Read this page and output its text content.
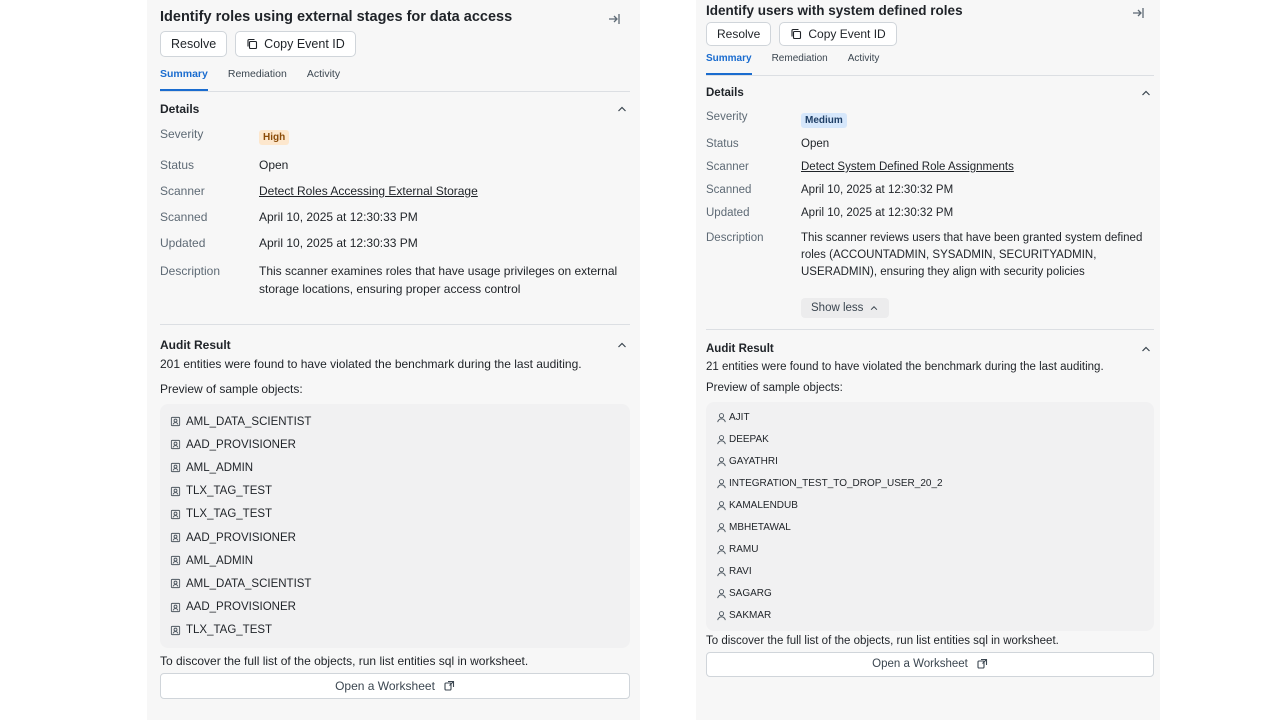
Identify roles using external stages for data access
Resolve	Copy Event ID
Summary Remediation Activity
Details
Severity	High
Status	Open
Scanner	Detect Roles Accessing External Storage
Scanned	April 10, 2025 at 12:30:33 PM
Updated	April 10, 2025 at 12:30:33 PM
Description	This scanner examines roles that have usage privileges on external storage locations, ensuring proper access control
Audit Result
201 entities were found to have violated the benchmark during the last auditing.
Preview of sample objects:
AML_DATA_SCIENTIST
AAD_PROVISIONER
AML_ADMIN
TLX_TAG_TEST
TLX_TAG_TEST
AAD_PROVISIONER
AML_ADMIN
AML_DATA_SCIENTIST
AAD_PROVISIONER
TLX_TAG_TEST
To discover the full list of the objects, run list entities sql in worksheet.
Open a Worksheet
Identify users with system defined roles
Resolve	Copy Event ID
Summary Remediation Activity
Details
Severity	Medium
Status	Open
Scanner	Detect System Defined Role Assignments
Scanned	April 10, 2025 at 12:30:32 PM
Updated	April 10, 2025 at 12:30:32 PM
Description	This scanner reviews users that have been granted system defined roles (ACCOUNTADMIN, SYSADMIN, SECURITYADMIN, USERADMIN), ensuring they align with security policies
Show less
Audit Result
21 entities were found to have violated the benchmark during the last auditing.
Preview of sample objects:
AJIT
DEEPAK
GAYATHRI
INTEGRATION_TEST_TO_DROP_USER_20_2
KAMALENDUB
MBHETAWAL
RAMU
RAVI
SAGARG
SAKMAR
To discover the full list of the objects, run list entities sql in worksheet.
Open a Worksheet
